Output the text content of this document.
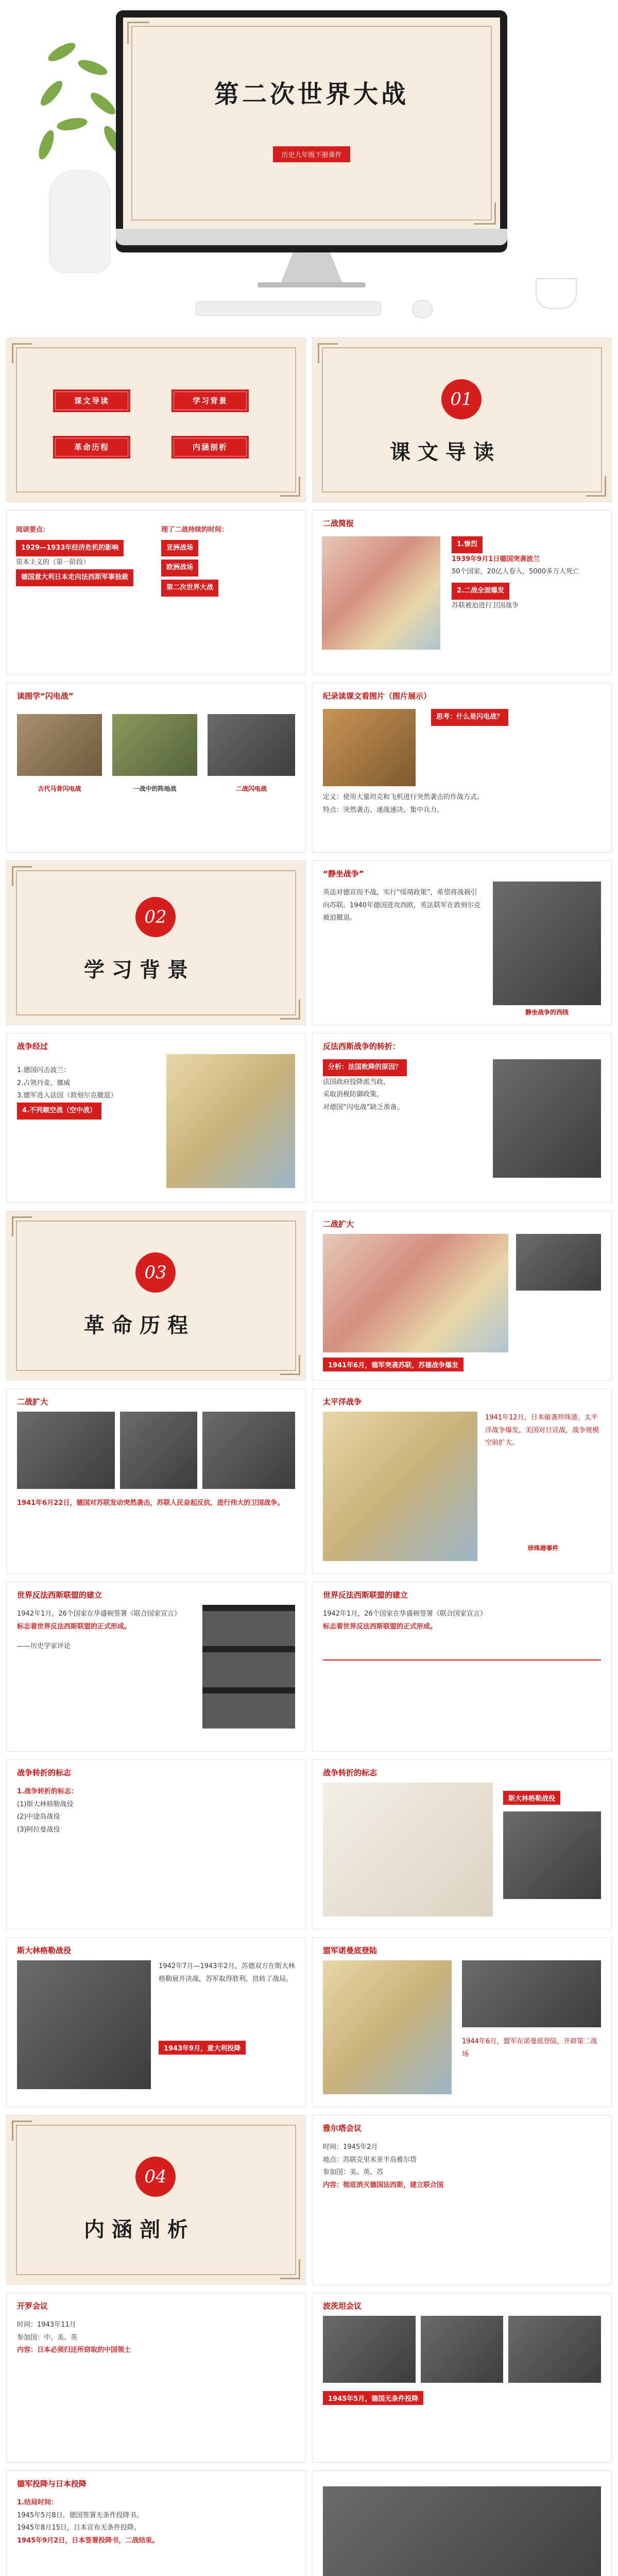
第二次世界大战
历史九年级下册课件
课文导读	学习背景
革命历程	内涵剖析
01
课文导读
阅读要点：
1929—1933年经济危机的影响
资本主义的（第一阶段）
德国意大利日本走向法西斯军事独裁
理了二战持续的时间：
亚洲战场
欧洲战场
第二次世界大战
二战简报
1.惨烈
1939年9月1日德国突袭波兰
50个国家，20亿人卷入，5000多万人死亡
2.二战全面爆发
苏联被迫进行卫国战争
读图学“闪电战”
古代马背闪电战	一战中的阵地战	二战闪电战
纪录读课文看图片（图片展示）
思考：什么是闪电战？
定义：使用大量坦克和飞机进行突然袭击的作战方式。
特点：突然袭击、速战速决、集中兵力。
02
学习背景
“静坐战争”
英法对德宣而不战，实行“绥靖政策”，希望将战祸引向苏联。1940年德国进攻西欧，英法联军在敦刻尔克被迫撤退。
静坐战争的西线
战争经过
1.德国闪击波兰：
2.占领丹麦、挪威
3.德军进入法国（敦刻尔克撤退）
4.不列颠空战（空中战）
反法西斯战争的转折：
分析：法国败降的原因？
法国政府投降派当政，
采取消极防御政策，
对德国“闪电战”缺乏准备。
03
革命历程
二战扩大
1941年6月，德军突袭苏联，苏德战争爆发
二战扩大
1941年6月22日，德国对苏联发动突然袭击，苏联人民奋起反抗，进行伟大的卫国战争。
太平洋战争
1941年12月，日本偷袭珍珠港，太平洋战争爆发，美国对日宣战，战争规模空前扩大。
珍珠港事件
世界反法西斯联盟的建立
1942年1月，26个国家在华盛顿签署《联合国家宣言》
标志着世界反法西斯联盟的正式形成。
——历史学家评论
世界反法西斯联盟的建立
1942年1月，26个国家在华盛顿签署《联合国家宣言》
标志着世界反法西斯联盟的正式形成。
战争转折的标志
1.战争转折的标志：
(1)斯大林格勒战役
(2)中途岛战役
(3)阿拉曼战役
战争转折的标志
斯大林格勒战役
斯大林格勒战役
1942年7月—1943年2月，苏德双方在斯大林格勒展开决战，苏军取得胜利，扭转了战局。
1943年9月，意大利投降
盟军诺曼底登陆
1944年6月，盟军在诺曼底登陆，开辟第二战场
04
内涵剖析
雅尔塔会议
时间：1945年2月
地点：苏联克里米亚半岛雅尔塔
参加国：美、英、苏
内容：彻底消灭德国法西斯，建立联合国
开罗会议
时间：1943年11月
参加国：中、美、英
内容：日本必须归还所窃取的中国领土
波茨坦会议
1945年5月，德国无条件投降
德军投降与日本投降
1.结局时间：
1945年5月8日，德国签署无条件投降书。
1945年8月15日，日本宣布无条件投降。
1945年9月2日，日本签署投降书，二战结束。
